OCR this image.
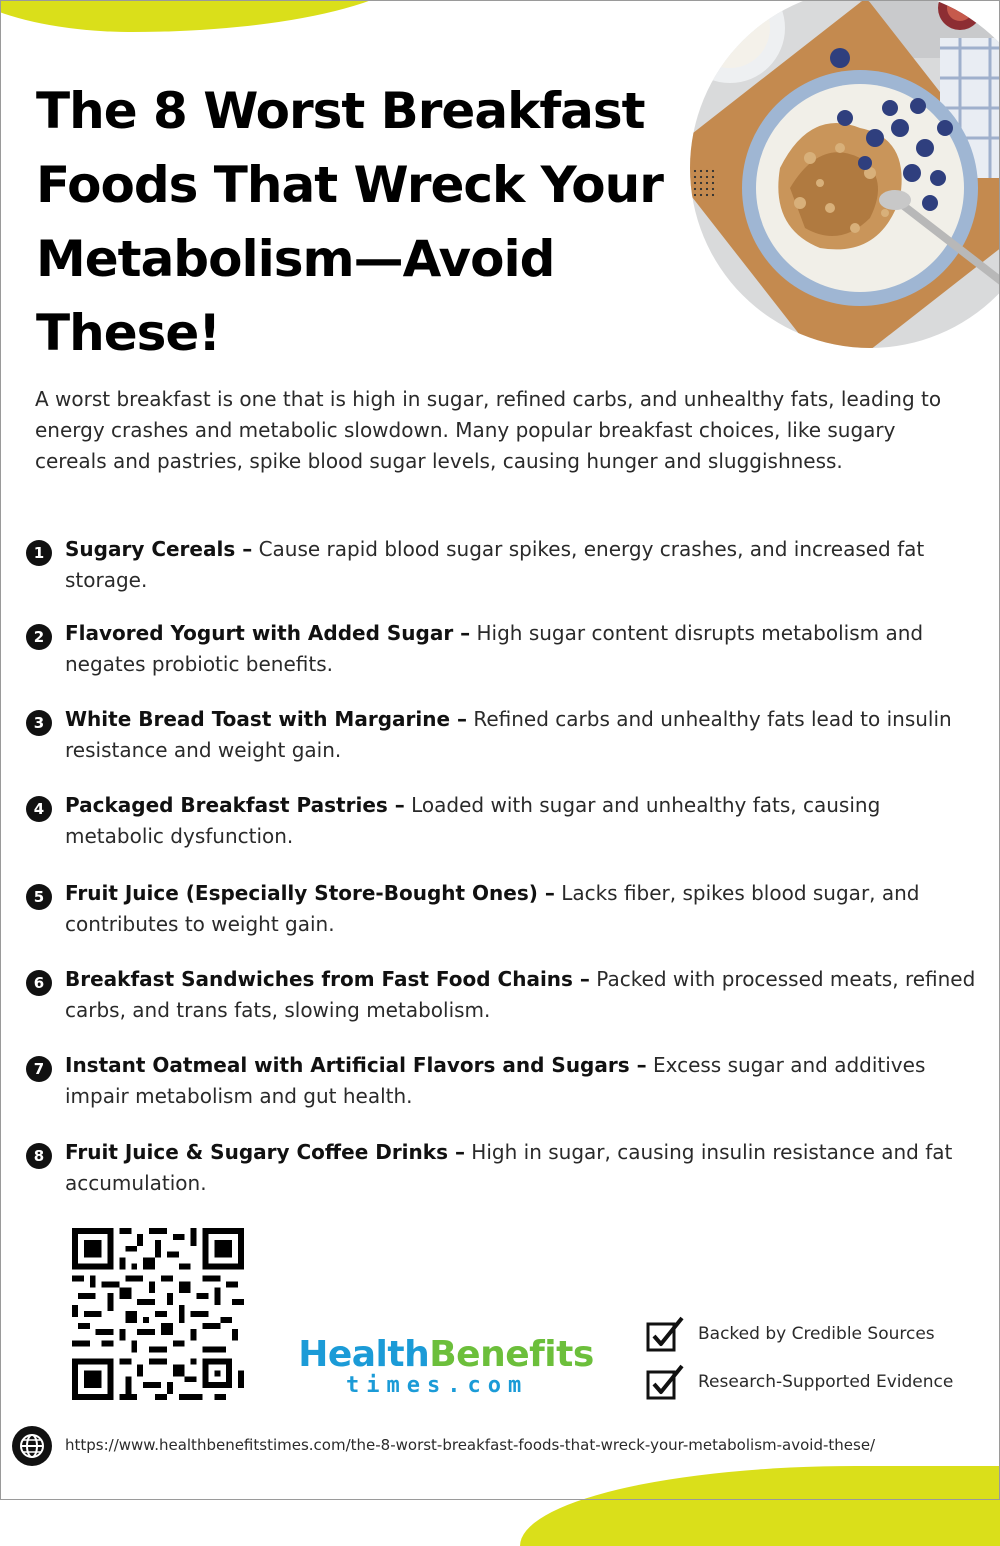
The 8 Worst Breakfast Foods That Wreck Your Metabolism—Avoid These!

A worst breakfast is one that is high in sugar, refined carbs, and unhealthy fats, leading to energy crashes and metabolic slowdown. Many popular breakfast choices, like sugary cereals and pastries, spike blood sugar levels, causing hunger and sluggishness.

1	Sugary Cereals – Cause rapid blood sugar spikes, energy crashes, and increased fat storage.
2	Flavored Yogurt with Added Sugar – High sugar content disrupts metabolism and negates probiotic benefits.
3	White Bread Toast with Margarine – Refined carbs and unhealthy fats lead to insulin resistance and weight gain.
4	Packaged Breakfast Pastries – Loaded with sugar and unhealthy fats, causing metabolic dysfunction.
5	Fruit Juice (Especially Store-Bought Ones) – Lacks fiber, spikes blood sugar, and contributes to weight gain.
6	Breakfast Sandwiches from Fast Food Chains – Packed with processed meats, refined carbs, and trans fats, slowing metabolism.
7	Instant Oatmeal with Artificial Flavors and Sugars – Excess sugar and additives impair metabolism and gut health.
8	Fruit Juice & Sugary Coffee Drinks – High in sugar, causing insulin resistance and fat accumulation.
HealthBenefits
times.com
Backed by Credible Sources
Research-Supported Evidence
https://www.healthbenefitstimes.com/the-8-worst-breakfast-foods-that-wreck-your-metabolism-avoid-these/
